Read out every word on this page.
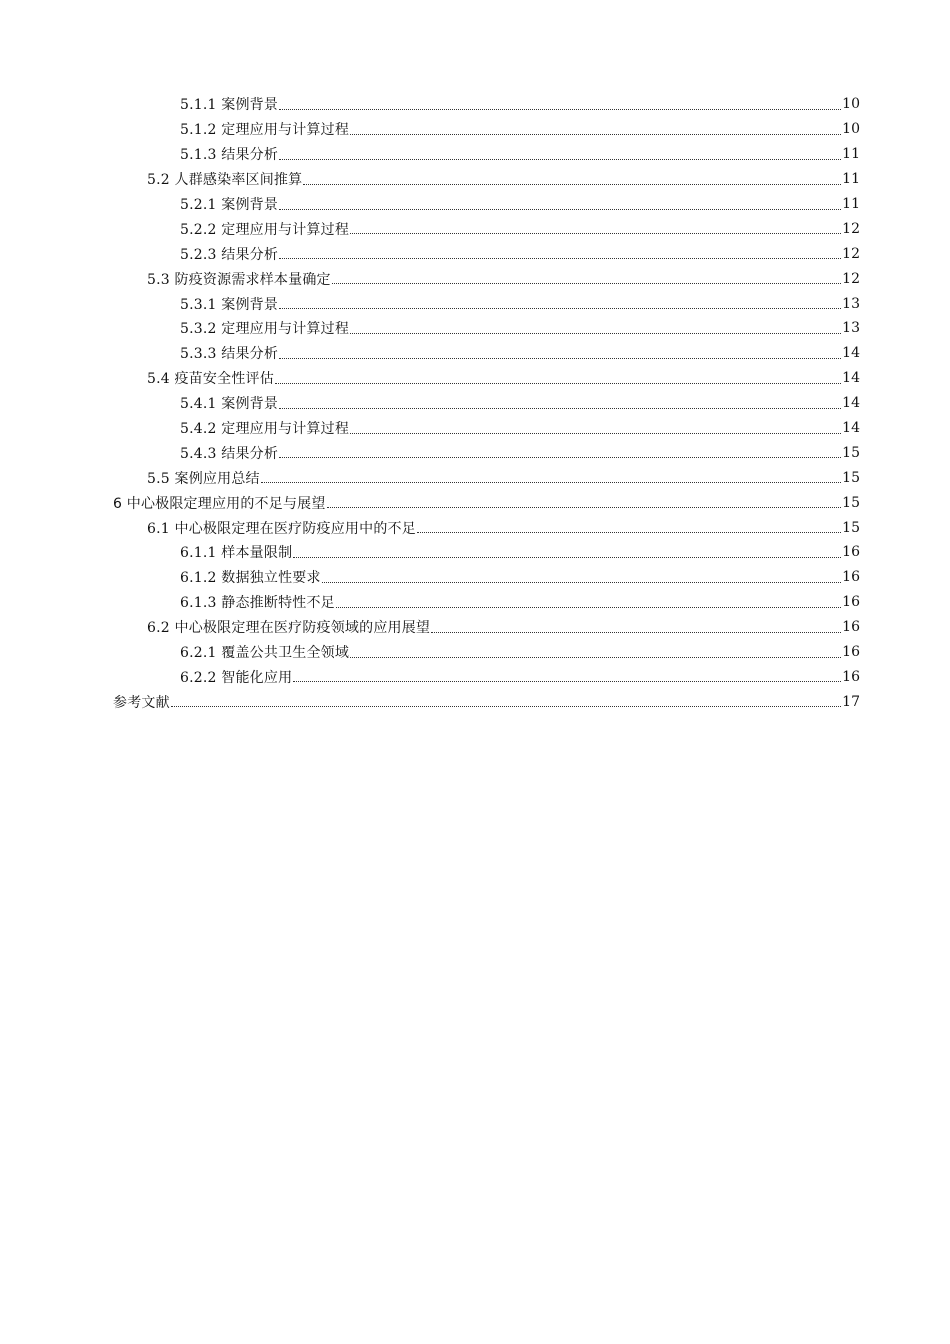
5.1.1 案例背景	10
5.1.2 定理应用与计算过程	10
5.1.3 结果分析	11
5.2 人群感染率区间推算	11
5.2.1 案例背景	11
5.2.2 定理应用与计算过程	12
5.2.3 结果分析	12
5.3 防疫资源需求样本量确定	12
5.3.1 案例背景	13
5.3.2 定理应用与计算过程	13
5.3.3 结果分析	14
5.4 疫苗安全性评估	14
5.4.1 案例背景	14
5.4.2 定理应用与计算过程	14
5.4.3 结果分析	15
5.5 案例应用总结	15
6 中心极限定理应用的不足与展望	15
6.1 中心极限定理在医疗防疫应用中的不足	15
6.1.1 样本量限制	16
6.1.2 数据独立性要求	16
6.1.3 静态推断特性不足	16
6.2 中心极限定理在医疗防疫领域的应用展望	16
6.2.1 覆盖公共卫生全领域	16
6.2.2 智能化应用	16
参考文献	17
